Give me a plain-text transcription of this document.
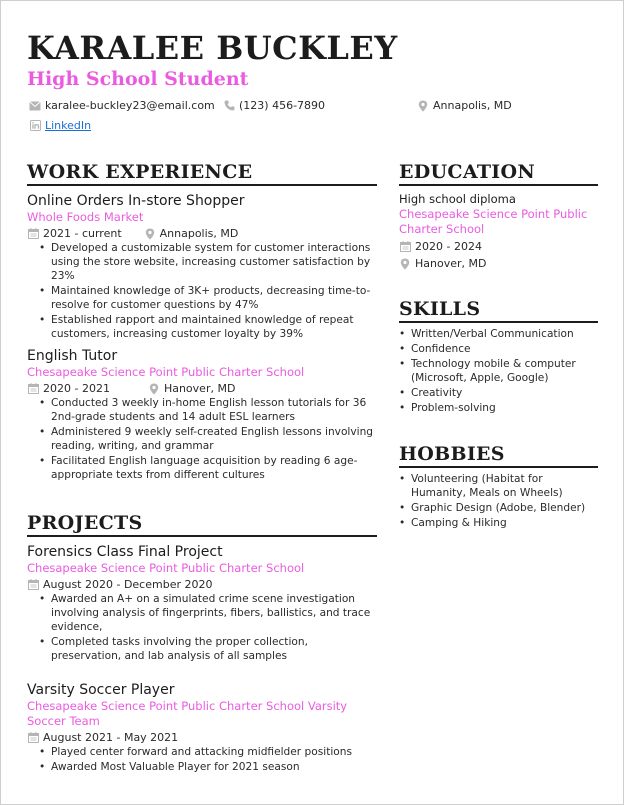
KARALEE BUCKLEY
High School Student
karalee-buckley23@email.com (123) 456-7890	Annapolis, MD
LinkedIn
WORK EXPERIENCE
Online Orders In-store Shopper
Whole Foods Market
2021 - current	Annapolis, MD
• Developed a customizable system for customer interactions using the store website, increasing customer satisfaction by 23%
• Maintained knowledge of 3K+ products, decreasing time-to-resolve for customer questions by 47%
• Established rapport and maintained knowledge of repeat customers, increasing customer loyalty by 39%
English Tutor
Chesapeake Science Point Public Charter School
2020 - 2021	Hanover, MD
• Conducted 3 weekly in-home English lesson tutorials for 36 2nd-grade students and 14 adult ESL learners
• Administered 9 weekly self-created English lessons involving reading, writing, and grammar
• Facilitated English language acquisition by reading 6 age-appropriate texts from different cultures
PROJECTS
Forensics Class Final Project
Chesapeake Science Point Public Charter School
August 2020 - December 2020
• Awarded an A+ on a simulated crime scene investigation involving analysis of fingerprints, fibers, ballistics, and trace evidence,
• Completed tasks involving the proper collection, preservation, and lab analysis of all samples
Varsity Soccer Player
Chesapeake Science Point Public Charter School Varsity Soccer Team
August 2021 - May 2021
• Played center forward and attacking midfielder positions
• Awarded Most Valuable Player for 2021 season
EDUCATION
High school diploma
Chesapeake Science Point Public Charter School
2020 - 2024
Hanover, MD
SKILLS
• Written/Verbal Communication
• Confidence
• Technology mobile & computer (Microsoft, Apple, Google)
• Creativity
• Problem-solving
HOBBIES
• Volunteering (Habitat for Humanity, Meals on Wheels)
• Graphic Design (Adobe, Blender)
• Camping & Hiking
